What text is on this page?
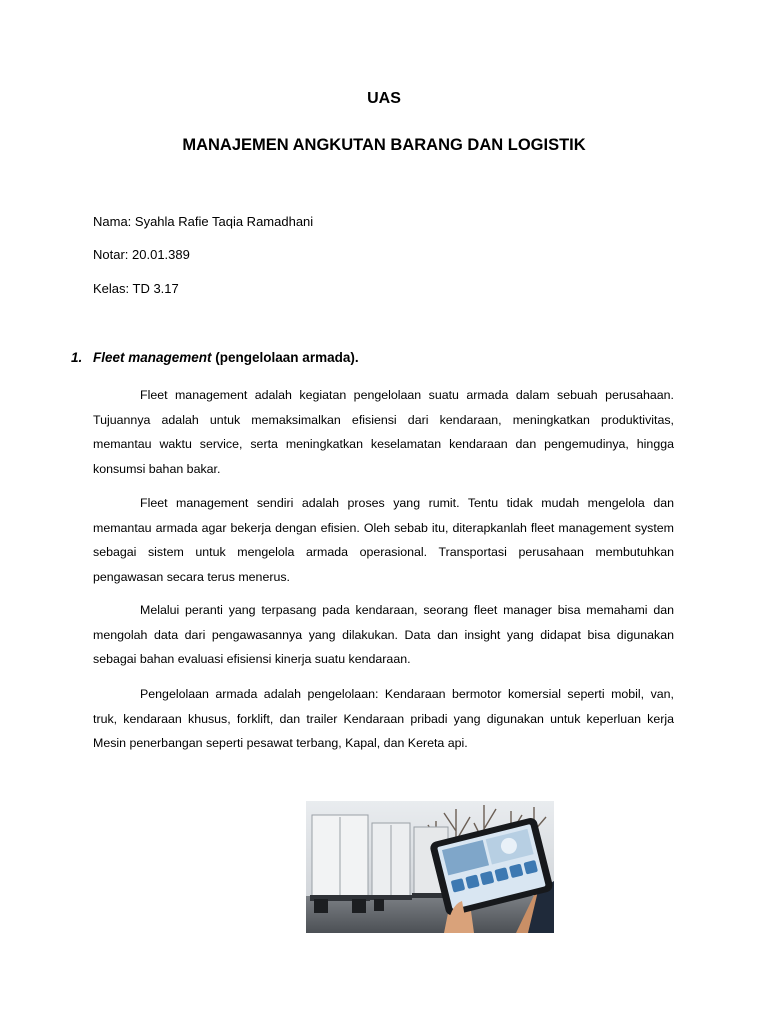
UAS
MANAJEMEN ANGKUTAN BARANG DAN LOGISTIK

Nama: Syahla Rafie Taqia Ramadhani

Notar: 20.01.389

Kelas: TD 3.17

1. Fleet management (pengelolaan armada).

Fleet management adalah kegiatan pengelolaan suatu armada dalam sebuah perusahaan. Tujuannya adalah untuk memaksimalkan efisiensi dari kendaraan, meningkatkan produktivitas, memantau waktu service, serta meningkatkan keselamatan kendaraan dan pengemudinya, hingga konsumsi bahan bakar.

Fleet management sendiri adalah proses yang rumit. Tentu tidak mudah mengelola dan memantau armada agar bekerja dengan efisien. Oleh sebab itu, diterapkanlah fleet management system sebagai sistem untuk mengelola armada operasional. Transportasi perusahaan membutuhkan pengawasan secara terus menerus.

Melalui peranti yang terpasang pada kendaraan, seorang fleet manager bisa memahami dan mengolah data dari pengawasannya yang dilakukan. Data dan insight yang didapat bisa digunakan sebagai bahan evaluasi efisiensi kinerja suatu kendaraan.

Pengelolaan armada adalah pengelolaan: Kendaraan bermotor komersial seperti mobil, van, truk, kendaraan khusus, forklift, dan trailer Kendaraan pribadi yang digunakan untuk keperluan kerja Mesin penerbangan seperti pesawat terbang, Kapal, dan Kereta api.
